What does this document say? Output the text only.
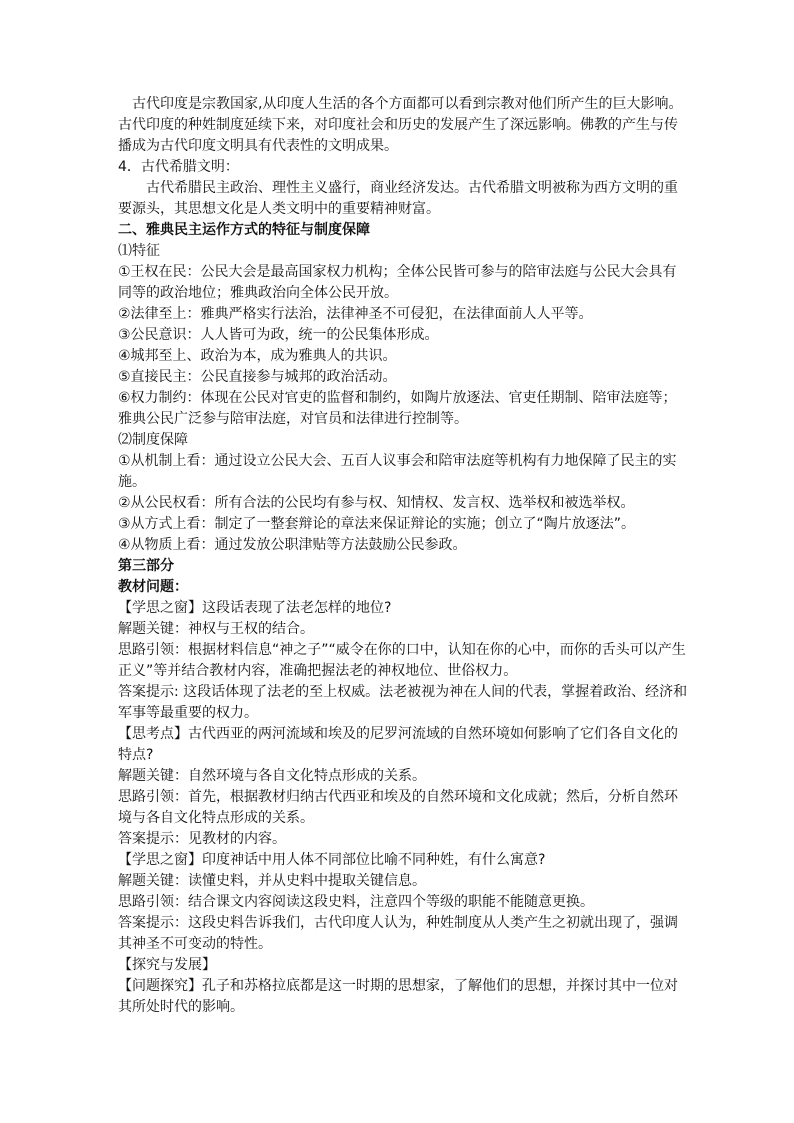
古代印度是宗教国家,从印度人生活的各个方面都可以看到宗教对他们所产生的巨大影响。古代印度的种姓制度延续下来，对印度社会和历史的发展产生了深远影响。佛教的产生与传播成为古代印度文明具有代表性的文明成果。

4．古代希腊文明：

古代希腊民主政治、理性主义盛行，商业经济发达。古代希腊文明被称为西方文明的重要源头，其思想文化是人类文明中的重要精神财富。

二、雅典民主运作方式的特征与制度保障

⑴特征

①王权在民：公民大会是最高国家权力机构；全体公民皆可参与的陪审法庭与公民大会具有同等的政治地位；雅典政治向全体公民开放。

②法律至上：雅典严格实行法治，法律神圣不可侵犯，在法律面前人人平等。

③公民意识：人人皆可为政，统一的公民集体形成。

④城邦至上、政治为本，成为雅典人的共识。

⑤直接民主：公民直接参与城邦的政治活动。

⑥权力制约：体现在公民对官吏的监督和制约，如陶片放逐法、官吏任期制、陪审法庭等；雅典公民广泛参与陪审法庭，对官员和法律进行控制等。

⑵制度保障

①从机制上看：通过设立公民大会、五百人议事会和陪审法庭等机构有力地保障了民主的实施。

②从公民权看：所有合法的公民均有参与权、知情权、发言权、选举权和被选举权。

③从方式上看：制定了一整套辩论的章法来保证辩论的实施；创立了“陶片放逐法”。

④从物质上看：通过发放公职津贴等方法鼓励公民参政。

第三部分

教材问题：

【学思之窗】这段话表现了法老怎样的地位?

解题关键：神权与王权的结合。

思路引领：根据材料信息“神之子”“威令在你的口中，认知在你的心中，而你的舌头可以产生正义”等并结合教材内容，准确把握法老的神权地位、世俗权力。

答案提示: 这段话体现了法老的至上权威。法老被视为神在人间的代表，掌握着政治、经济和军事等最重要的权力。

【思考点】古代西亚的两河流域和埃及的尼罗河流域的自然环境如何影响了它们各自文化的特点?

解题关键：自然环境与各自文化特点形成的关系。

思路引领：首先，根据教材归纳古代西亚和埃及的自然环境和文化成就；然后，分析自然环境与各自文化特点形成的关系。

答案提示：见教材的内容。

【学思之窗】印度神话中用人体不同部位比喻不同种姓，有什么寓意?

解题关键：读懂史料，并从史料中提取关键信息。

思路引领：结合课文内容阅读这段史料，注意四个等级的职能不能随意更换。

答案提示：这段史料告诉我们，古代印度人认为，种姓制度从人类产生之初就出现了，强调其神圣不可变动的特性。

【探究与发展】

【问题探究】孔子和苏格拉底都是这一时期的思想家，了解他们的思想，并探讨其中一位对其所处时代的影响。
